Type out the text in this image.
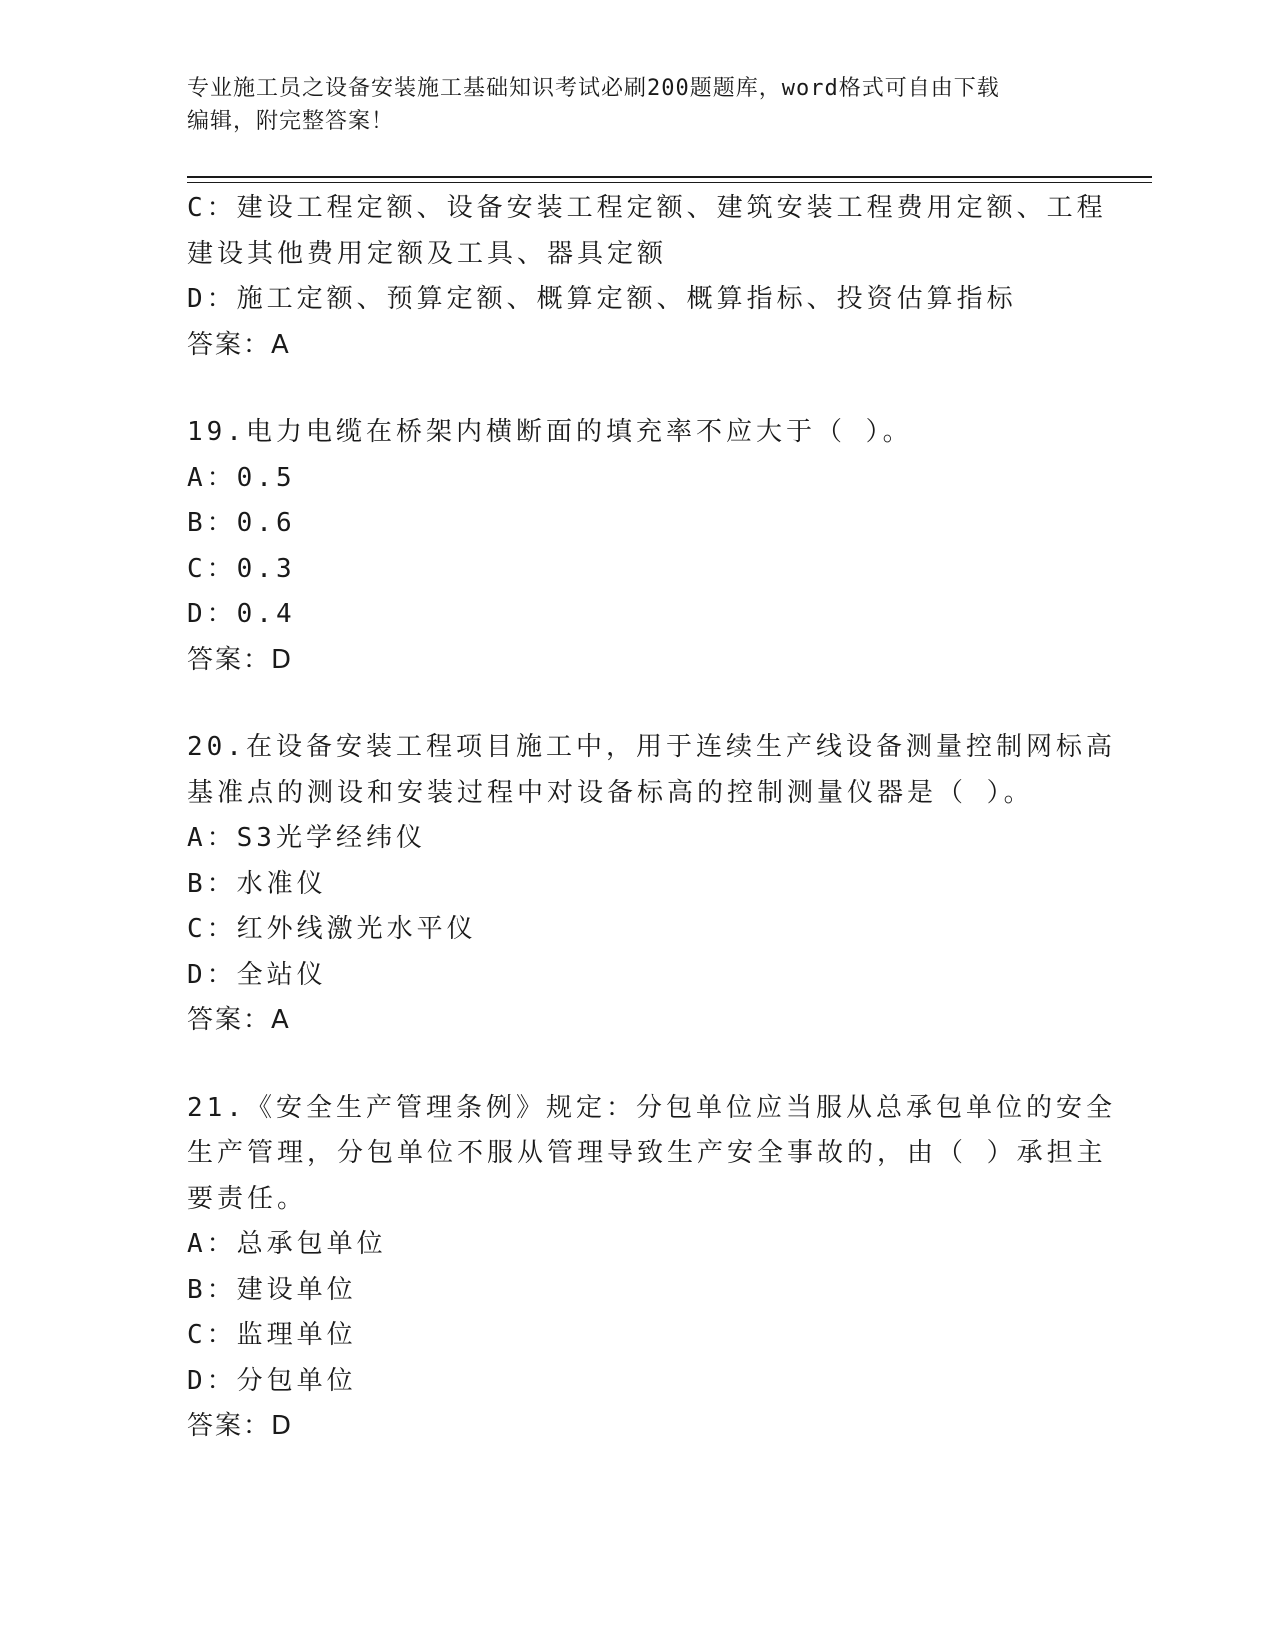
专业施工员之设备安装施工基础知识考试必刷200题题库，word格式可自由下载
编辑，附完整答案！
C：建设工程定额、设备安装工程定额、建筑安装工程费用定额、工程
建设其他费用定额及工具、器具定额
D：施工定额、预算定额、概算定额、概算指标、投资估算指标
答案：A
19.电力电缆在桥架内横断面的填充率不应大于（ ）。
A：0.5
B：0.6
C：0.3
D：0.4
答案：D
20.在设备安装工程项目施工中，用于连续生产线设备测量控制网标高
基准点的测设和安装过程中对设备标高的控制测量仪器是（ ）。
A：S3光学经纬仪
B：水准仪
C：红外线激光水平仪
D：全站仪
答案：A
21.《安全生产管理条例》规定：分包单位应当服从总承包单位的安全
生产管理，分包单位不服从管理导致生产安全事故的，由（ ）承担主
要责任。
A：总承包单位
B：建设单位
C：监理单位
D：分包单位
答案：D
